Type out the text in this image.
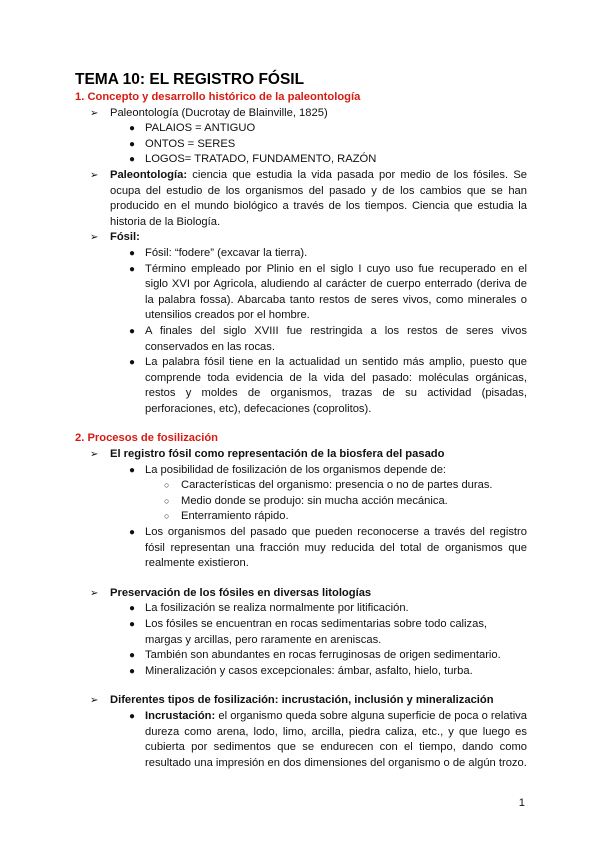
TEMA 10: EL REGISTRO FÓSIL
1. Concepto y desarrollo histórico de la paleontología
➢ Paleontología (Ducrotay de Blainville, 1825)
● PALAIOS = ANTIGUO
● ONTOS = SERES
● LOGOS= TRATADO, FUNDAMENTO, RAZÓN
➢ Paleontología: ciencia que estudia la vida pasada por medio de los fósiles. Se ocupa del estudio de los organismos del pasado y de los cambios que se han producido en el mundo biológico a través de los tiempos. Ciencia que estudia la historia de la Biología.
➢ Fósil:
● Fósil: “fodere” (excavar la tierra).
● Término empleado por Plinio en el siglo I cuyo uso fue recuperado en el siglo XVI por Agricola, aludiendo al carácter de cuerpo enterrado (deriva de la palabra fossa). Abarcaba tanto restos de seres vivos, como minerales o utensilios creados por el hombre.
● A finales del siglo XVIII fue restringida a los restos de seres vivos conservados en las rocas.
● La palabra fósil tiene en la actualidad un sentido más amplio, puesto que comprende toda evidencia de la vida del pasado: moléculas orgánicas, restos y moldes de organismos, trazas de su actividad (pisadas, perforaciones, etc), defecaciones (coprolitos).
2. Procesos de fosilización
➢ El registro fósil como representación de la biosfera del pasado
● La posibilidad de fosilización de los organismos depende de:
○ Características del organismo: presencia o no de partes duras.
○ Medio donde se produjo: sin mucha acción mecánica.
○ Enterramiento rápido.
● Los organismos del pasado que pueden reconocerse a través del registro fósil representan una fracción muy reducida del total de organismos que realmente existieron.
➢ Preservación de los fósiles en diversas litologías
● La fosilización se realiza normalmente por litificación.
● Los fósiles se encuentran en rocas sedimentarias sobre todo calizas, margas y arcillas, pero raramente en areniscas.
● También son abundantes en rocas ferruginosas de origen sedimentario.
● Mineralización y casos excepcionales: ámbar, asfalto, hielo, turba.
➢ Diferentes tipos de fosilización: incrustación, inclusión y mineralización
● Incrustación: el organismo queda sobre alguna superficie de poca o relativa dureza como arena, lodo, limo, arcilla, piedra caliza, etc., y que luego es cubierta por sedimentos que se endurecen con el tiempo, dando como resultado una impresión en dos dimensiones del organismo o de algún trozo.
1
